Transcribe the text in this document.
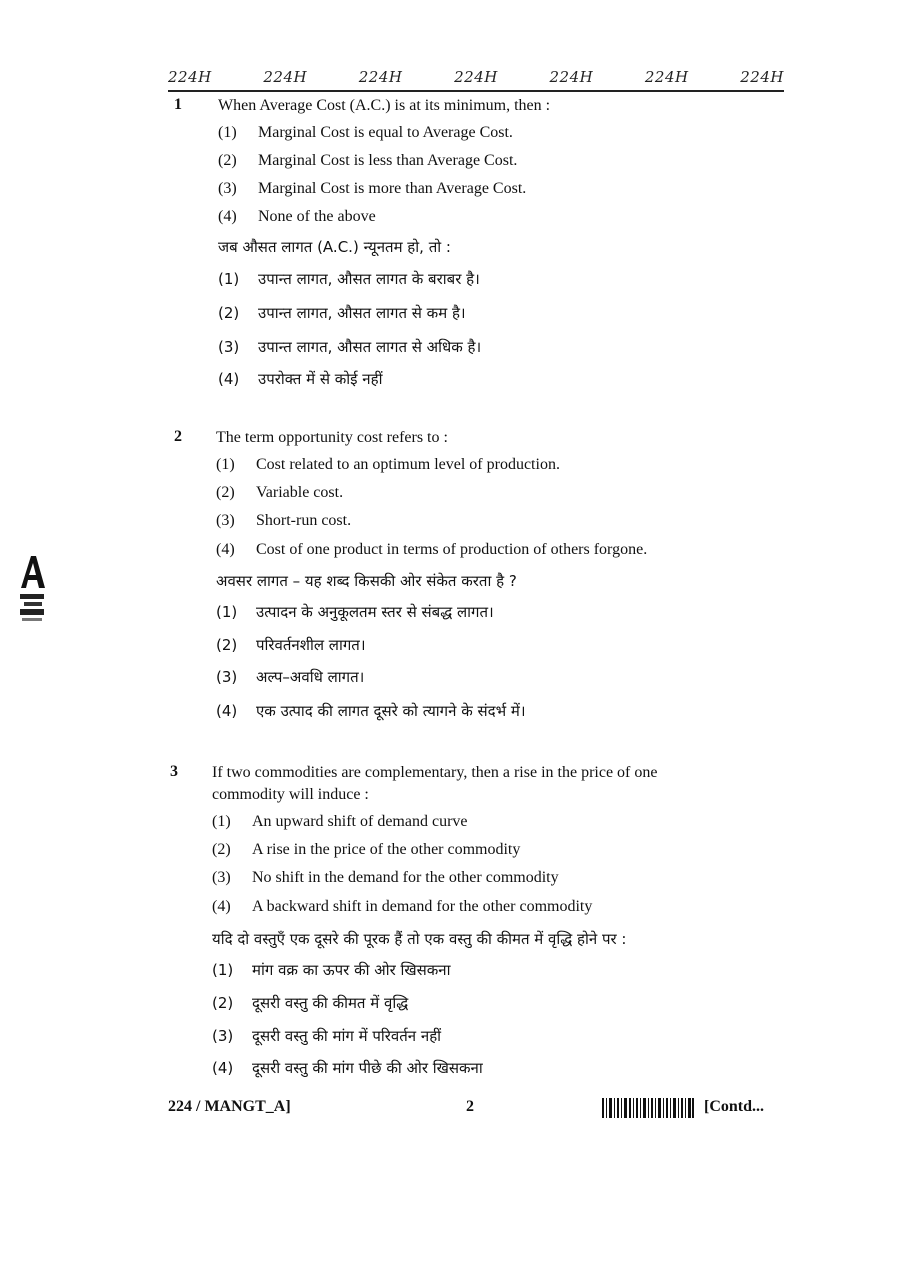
224H	224H	224H	224H	224H	224H	224H
1 When Average Cost (A.C.) is at its minimum, then :
(1) Marginal Cost is equal to Average Cost.
(2) Marginal Cost is less than Average Cost.
(3) Marginal Cost is more than Average Cost.
(4) None of the above
जब औसत लागत (A.C.) न्यूनतम हो, तो :
(1) उपान्त लागत, औसत लागत के बराबर है।
(2) उपान्त लागत, औसत लागत से कम है।
(3) उपान्त लागत, औसत लागत से अधिक है।
(4) उपरोक्त में से कोई नहीं
2 The term opportunity cost refers to :
(1) Cost related to an optimum level of production.
(2) Variable cost.
(3) Short-run cost.
(4) Cost of one product in terms of production of others forgone.
अवसर लागत – यह शब्द किसकी ओर संकेत करता है ?
(1) उत्पादन के अनुकूलतम स्तर से संबद्ध लागत।
(2) परिवर्तनशील लागत।
(3) अल्प–अवधि लागत।
(4) एक उत्पाद की लागत दूसरे को त्यागने के संदर्भ में।
3 If two commodities are complementary, then a rise in the price of one
commodity will induce :
(1) An upward shift of demand curve
(2) A rise in the price of the other commodity
(3) No shift in the demand for the other commodity
(4) A backward shift in demand for the other commodity
यदि दो वस्तुएँ एक दूसरे की पूरक हैं तो एक वस्तु की कीमत में वृद्धि होने पर :
(1) मांग वक्र का ऊपर की ओर खिसकना
(2) दूसरी वस्तु की कीमत में वृद्धि
(3) दूसरी वस्तु की मांग में परिवर्तन नहीं
(4) दूसरी वस्तु की मांग पीछे की ओर खिसकना
224 / MANGT_A]	2	[Contd...
